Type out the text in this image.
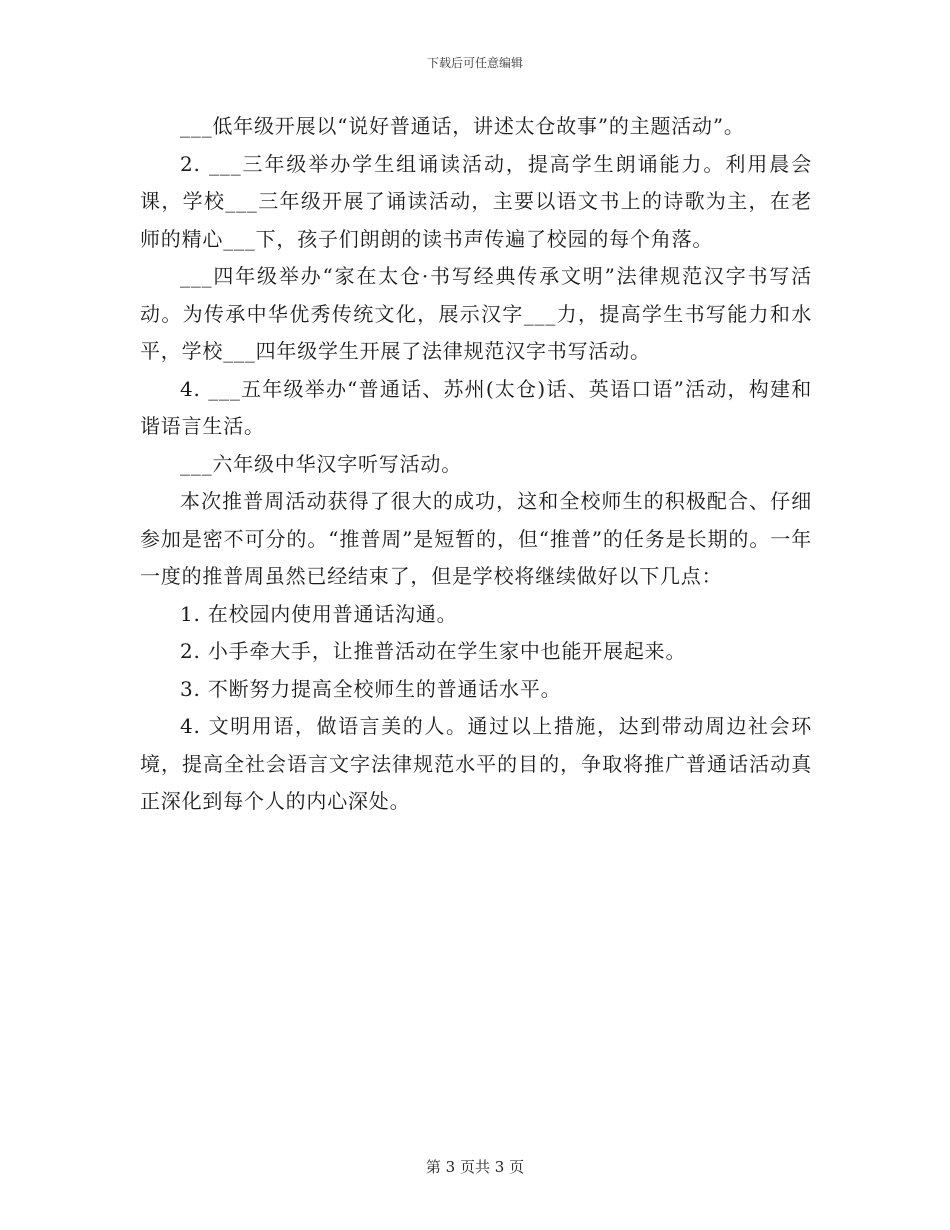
下载后可任意编辑

___低年级开展以“说好普通话，讲述太仓故事”的主题活动”。

2. ___三年级举办学生组诵读活动，提高学生朗诵能力。利用晨会课，学校___三年级开展了诵读活动，主要以语文书上的诗歌为主，在老师的精心___下，孩子们朗朗的读书声传遍了校园的每个角落。

___四年级举办“家在太仓·书写经典传承文明”法律规范汉字书写活动。为传承中华优秀传统文化，展示汉字___力，提高学生书写能力和水平，学校___四年级学生开展了法律规范汉字书写活动。

4. ___五年级举办“普通话、苏州(太仓)话、英语口语”活动，构建和谐语言生活。

___六年级中华汉字听写活动。

本次推普周活动获得了很大的成功，这和全校师生的积极配合、仔细参加是密不可分的。“推普周”是短暂的，但“推普”的任务是长期的。一年一度的推普周虽然已经结束了，但是学校将继续做好以下几点：

1. 在校园内使用普通话沟通。

2. 小手牵大手，让推普活动在学生家中也能开展起来。

3. 不断努力提高全校师生的普通话水平。

4. 文明用语，做语言美的人。通过以上措施，达到带动周边社会环境，提高全社会语言文字法律规范水平的目的，争取将推广普通话活动真正深化到每个人的内心深处。

第 3 页共 3 页
